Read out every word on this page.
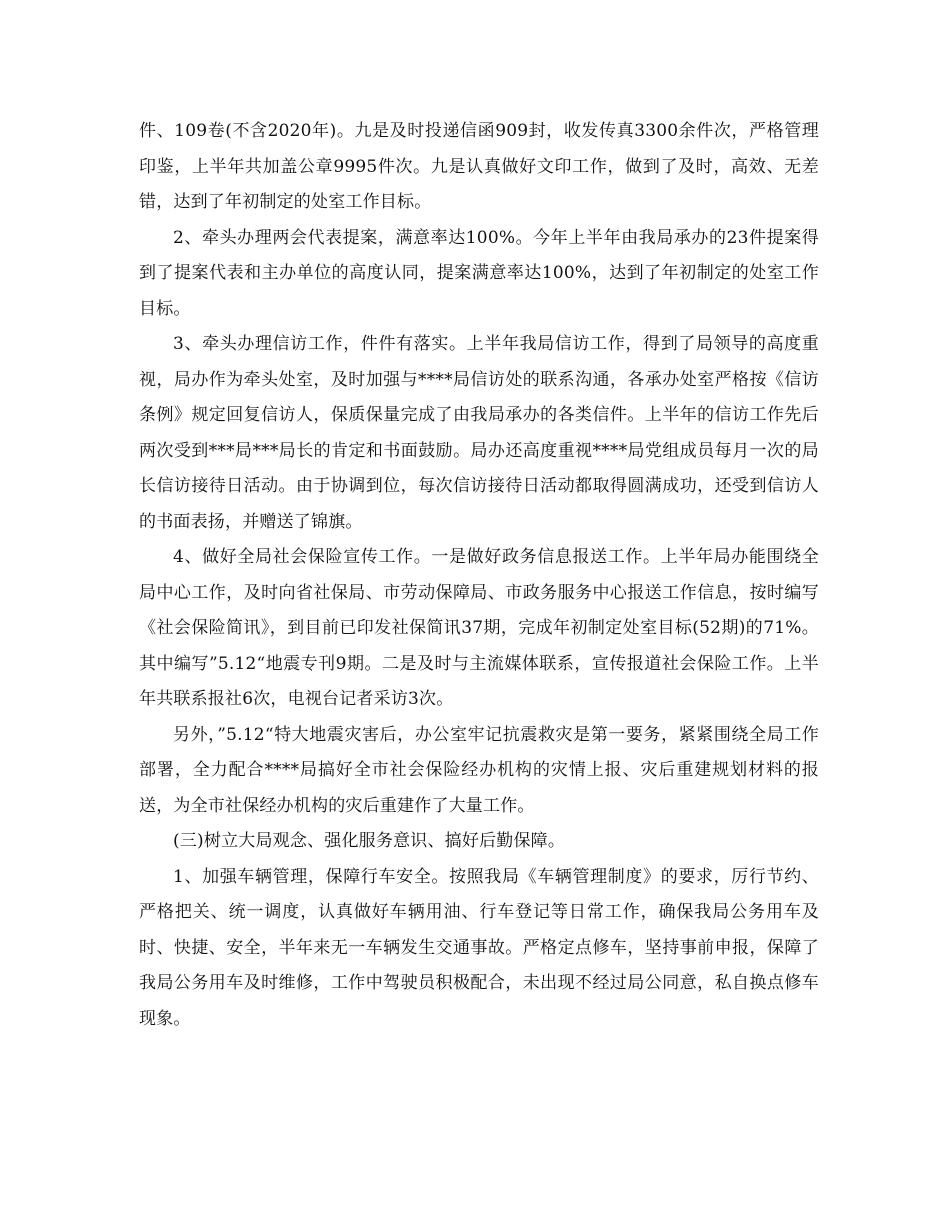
件、109卷(不含2020年)。九是及时投递信函909封，收发传真3300余件次，严格管理印鉴，上半年共加盖公章9995件次。九是认真做好文印工作，做到了及时，高效、无差错，达到了年初制定的处室工作目标。

2、牵头办理两会代表提案，满意率达100%。今年上半年由我局承办的23件提案得到了提案代表和主办单位的高度认同，提案满意率达100%，达到了年初制定的处室工作目标。

3、牵头办理信访工作，件件有落实。上半年我局信访工作，得到了局领导的高度重视，局办作为牵头处室，及时加强与****局信访处的联系沟通，各承办处室严格按《信访条例》规定回复信访人，保质保量完成了由我局承办的各类信件。上半年的信访工作先后两次受到***局***局长的肯定和书面鼓励。局办还高度重视****局党组成员每月一次的局长信访接待日活动。由于协调到位，每次信访接待日活动都取得圆满成功，还受到信访人的书面表扬，并赠送了锦旗。

4、做好全局社会保险宣传工作。一是做好政务信息报送工作。上半年局办能围绕全局中心工作，及时向省社保局、市劳动保障局、市政务服务中心报送工作信息，按时编写《社会保险简讯》，到目前已印发社保简讯37期，完成年初制定处室目标(52期)的71%。其中编写”5.12“地震专刊9期。二是及时与主流媒体联系，宣传报道社会保险工作。上半年共联系报社6次，电视台记者采访3次。

另外，”5.12“特大地震灾害后，办公室牢记抗震救灾是第一要务，紧紧围绕全局工作部署，全力配合****局搞好全市社会保险经办机构的灾情上报、灾后重建规划材料的报送，为全市社保经办机构的灾后重建作了大量工作。

(三)树立大局观念、强化服务意识、搞好后勤保障。

1、加强车辆管理，保障行车安全。按照我局《车辆管理制度》的要求，厉行节约、严格把关、统一调度，认真做好车辆用油、行车登记等日常工作，确保我局公务用车及时、快捷、安全，半年来无一车辆发生交通事故。严格定点修车，坚持事前申报，保障了我局公务用车及时维修，工作中驾驶员积极配合，未出现不经过局公同意，私自换点修车现象。
